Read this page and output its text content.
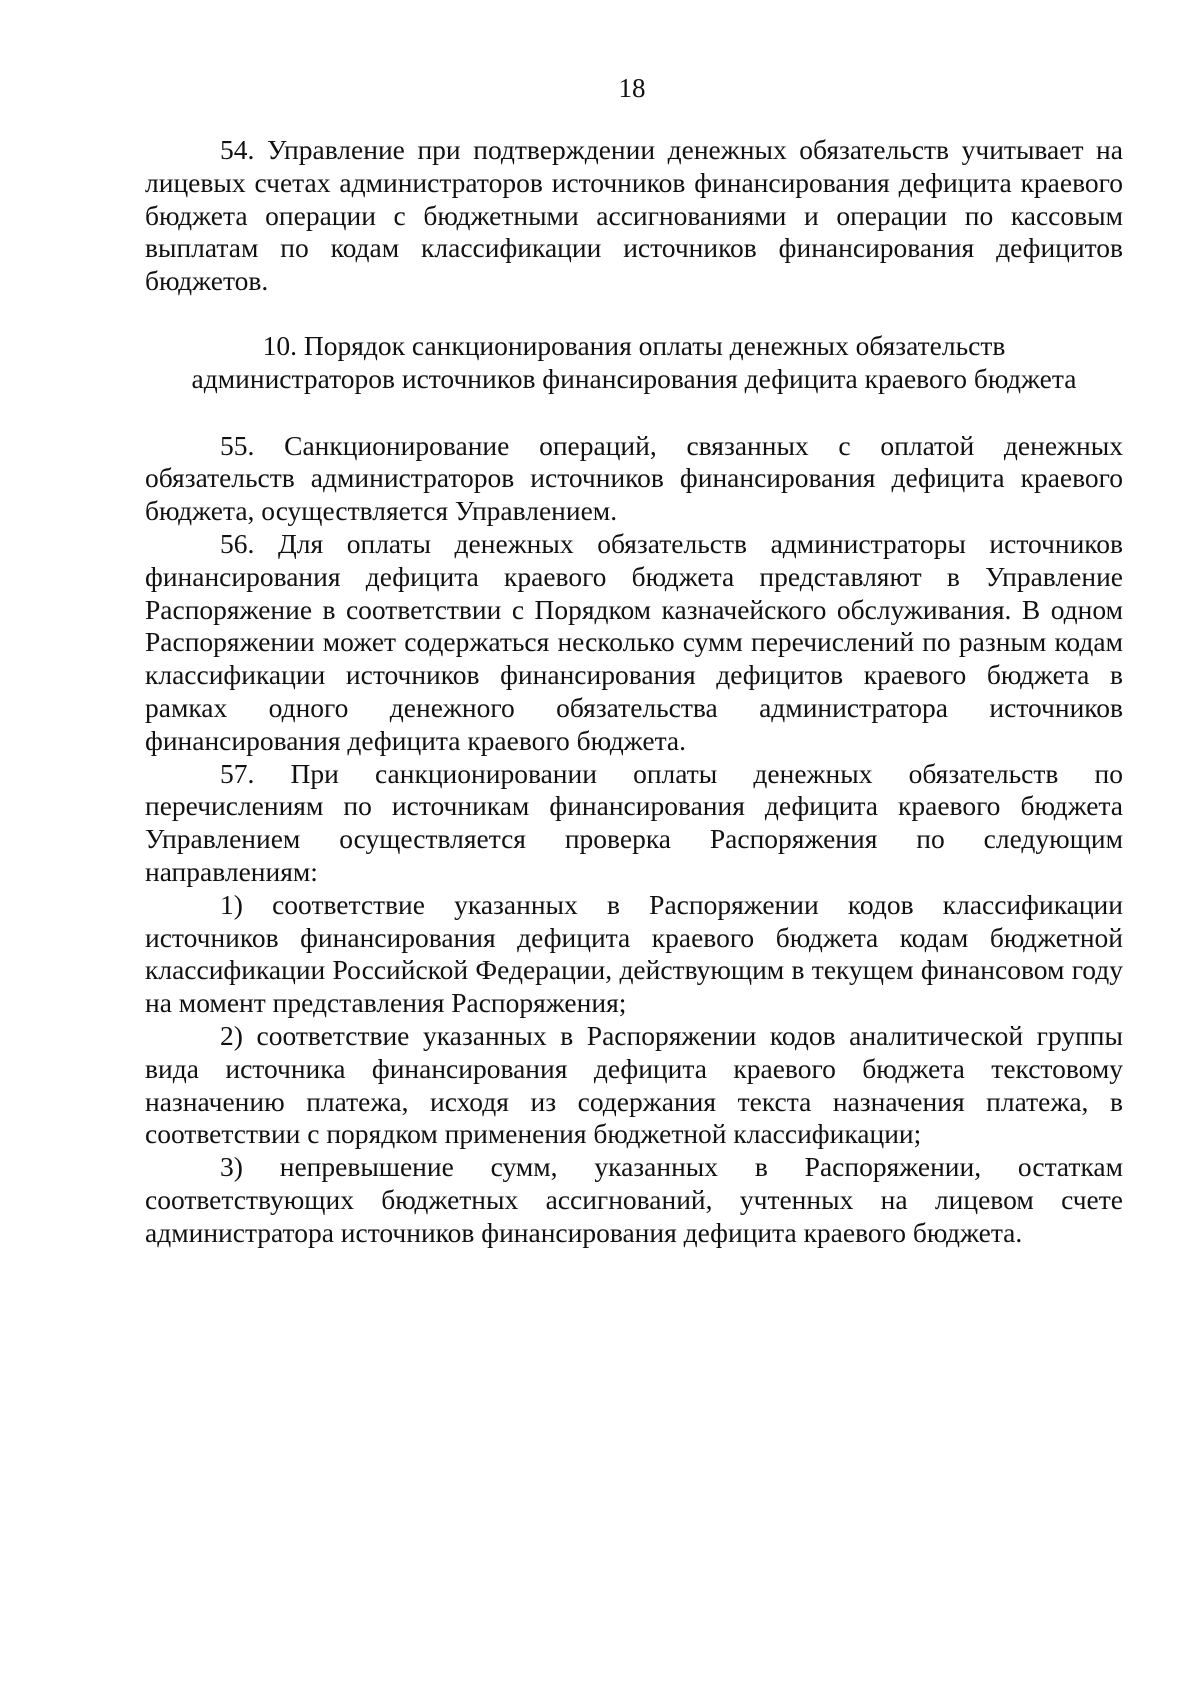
18

54. Управление при подтверждении денежных обязательств учитывает на лицевых счетах администраторов источников финансирования дефицита краевого бюджета операции с бюджетными ассигнованиями и операции по кассовым выплатам по кодам классификации источников финансирования дефицитов бюджетов.

10. Порядок санкционирования оплаты денежных обязательств
администраторов источников финансирования дефицита краевого бюджета

55. Санкционирование операций, связанных с оплатой денежных обязательств администраторов источников финансирования дефицита краевого бюджета, осуществляется Управлением.

56. Для оплаты денежных обязательств администраторы источников финансирования дефицита краевого бюджета представляют в Управление Распоряжение в соответствии с Порядком казначейского обслуживания. В одном Распоряжении может содержаться несколько сумм перечислений по разным кодам классификации источников финансирования дефицитов краевого бюджета в рамках одного денежного обязательства администратора источников финансирования дефицита краевого бюджета.

57. При санкционировании оплаты денежных обязательств по перечислениям по источникам финансирования дефицита краевого бюджета Управлением осуществляется проверка Распоряжения по следующим направлениям:

1) соответствие указанных в Распоряжении кодов классификации источников финансирования дефицита краевого бюджета кодам бюджетной классификации Российской Федерации, действующим в текущем финансовом году на момент представления Распоряжения;

2) соответствие указанных в Распоряжении кодов аналитической группы вида источника финансирования дефицита краевого бюджета текстовому назначению платежа, исходя из содержания текста назначения платежа, в соответствии с порядком применения бюджетной классификации;

3) непревышение сумм, указанных в Распоряжении, остаткам соответствующих бюджетных ассигнований, учтенных на лицевом счете администратора источников финансирования дефицита краевого бюджета.
